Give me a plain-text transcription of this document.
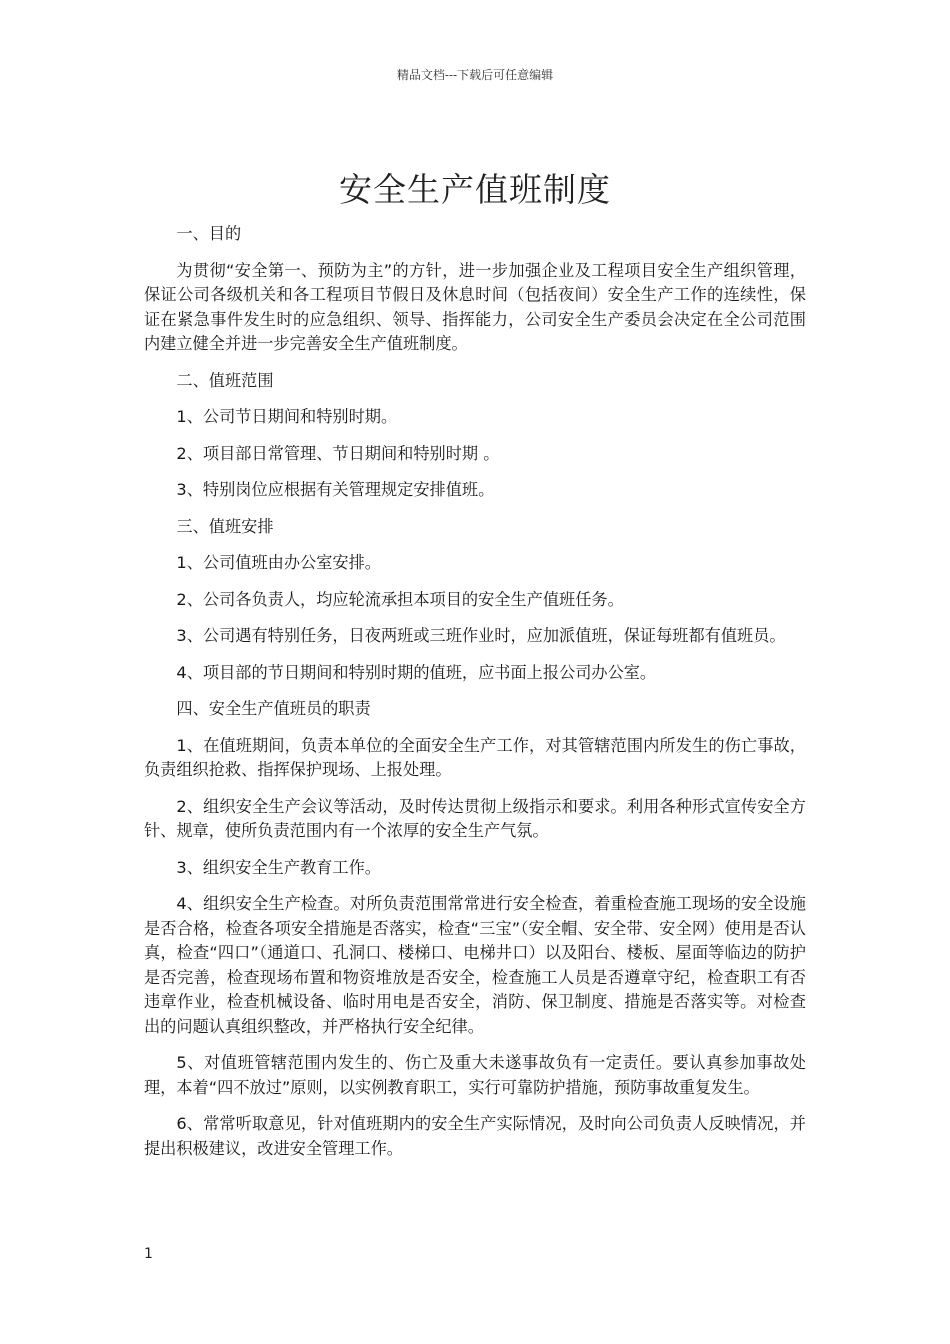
精品文档---下载后可任意编辑
安全生产值班制度

一、目的

为贯彻“安全第一、预防为主”的方针，进一步加强企业及工程项目安全生产组织管理，保证公司各级机关和各工程项目节假日及休息时间（包括夜间）安全生产工作的连续性，保证在紧急事件发生时的应急组织、领导、指挥能力，公司安全生产委员会决定在全公司范围内建立健全并进一步完善安全生产值班制度。

二、值班范围

1、公司节日期间和特别时期。

2、项目部日常管理、节日期间和特别时期 。

3、特别岗位应根据有关管理规定安排值班。

三、值班安排

1、公司值班由办公室安排。

2、公司各负责人，均应轮流承担本项目的安全生产值班任务。

3、公司遇有特别任务，日夜两班或三班作业时，应加派值班，保证每班都有值班员。

4、项目部的节日期间和特别时期的值班，应书面上报公司办公室。

四、安全生产值班员的职责

1、在值班期间，负责本单位的全面安全生产工作，对其管辖范围内所发生的伤亡事故，负责组织抢救、指挥保护现场、上报处理。

2、组织安全生产会议等活动，及时传达贯彻上级指示和要求。利用各种形式宣传安全方针、规章，使所负责范围内有一个浓厚的安全生产气氛。

3、组织安全生产教育工作。

4、组织安全生产检查。对所负责范围常常进行安全检查，着重检查施工现场的安全设施是否合格，检查各项安全措施是否落实，检查“三宝”（安全帽、安全带、安全网）使用是否认真，检查“四口”（通道口、孔洞口、楼梯口、电梯井口）以及阳台、楼板、屋面等临边的防护是否完善，检查现场布置和物资堆放是否安全，检查施工人员是否遵章守纪，检查职工有否违章作业，检查机械设备、临时用电是否安全，消防、保卫制度、措施是否落实等。对检查出的问题认真组织整改，并严格执行安全纪律。

5、对值班管辖范围内发生的、伤亡及重大未遂事故负有一定责任。要认真参加事故处理，本着“四不放过”原则，以实例教育职工，实行可靠防护措施，预防事故重复发生。

6、常常听取意见，针对值班期内的安全生产实际情况，及时向公司负责人反映情况，并提出积极建议，改进安全管理工作。

1
